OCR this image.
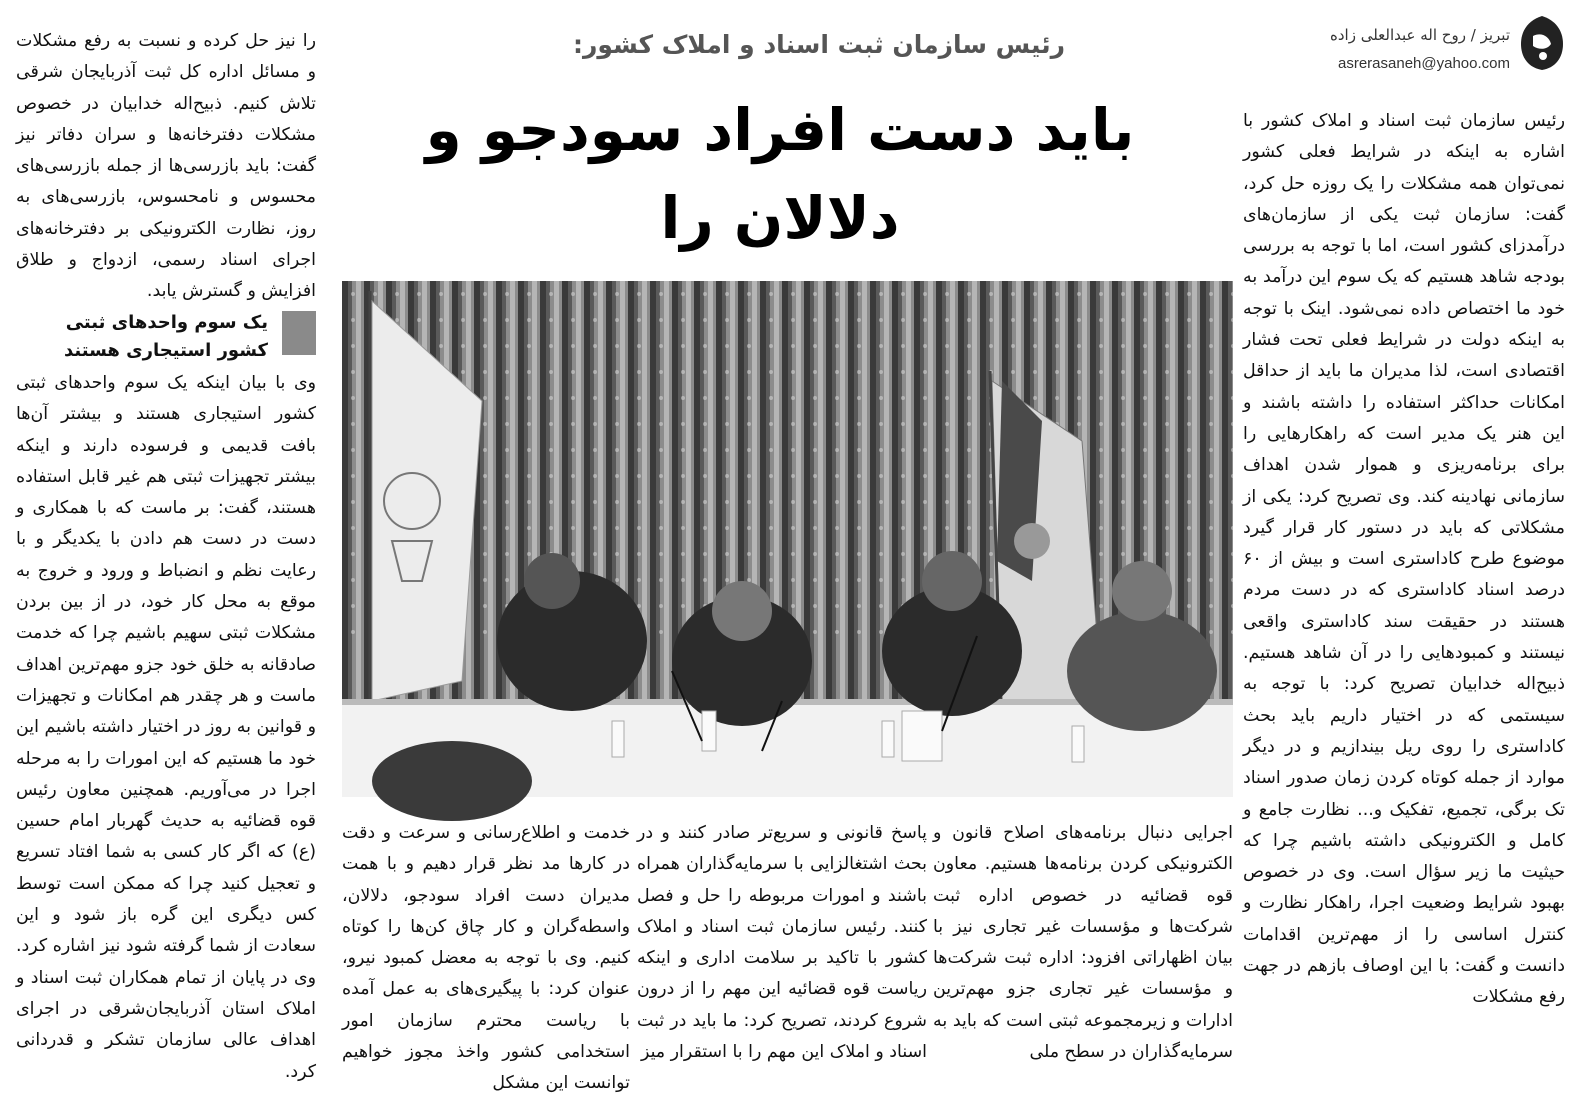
تبریز / روح اله عبدالعلی زاده
asrerasaneh@yahoo.com
رئیس سازمان ثبت اسناد و املاک کشور:
باید دست افراد سودجو و دلالان را

رئیس سازمان ثبت اسناد و املاک کشور با اشاره به اینکه در شرایط فعلی کشور نمی‌توان همه مشکلات را یک روزه حل کرد، گفت: سازمان ثبت یکی از سازمان‌های درآمدزای کشور است، اما با توجه به بررسی بودجه شاهد هستیم که یک سوم این درآمد به خود ما اختصاص داده نمی‌شود. اینک با توجه به اینکه دولت در شرایط فعلی تحت فشار اقتصادی است، لذا مدیران ما باید از حداقل امکانات حداکثر استفاده را داشته باشند و این هنر یک مدیر است که راهکارهایی را برای برنامه‌ریزی و هموار شدن اهداف سازمانی نهادینه کند. وی تصریح کرد: یکی از مشکلاتی که باید در دستور کار قرار گیرد موضوع طرح کاداستری است و بیش از ۶۰ درصد اسناد کاداستری که در دست مردم هستند در حقیقت سند کاداستری واقعی نیستند و کمبودهایی را در آن شاهد هستیم. ذبیح‌اله خدابیان تصریح کرد: با توجه به سیستمی که در اختیار داریم باید بحث کاداستری را روی ریل بیندازیم و در دیگر موارد از جمله کوتاه کردن زمان صدور اسناد تک برگی، تجمیع، تفکیک و... نظارت جامع و کامل و الکترونیکی داشته باشیم چرا که حیثیت ما زیر سؤال است. وی در خصوص بهبود شرایط وضعیت اجرا، راهکار نظارت و کنترل اساسی را از مهم‌ترین اقدامات دانست و گفت: با این اوصاف بازهم در جهت رفع مشکلات
اجرایی دنبال برنامه‌های اصلاح قانون و الکترونیکی کردن برنامه‌ها هستیم. معاون قوه قضائیه در خصوص اداره ثبت شرکت‌ها و مؤسسات غیر تجاری نیز با بیان اظهاراتی افزود: اداره ثبت شرکت‌ها و مؤسسات غیر تجاری جزو مهم‌ترین ادارات و زیرمجموعه ثبتی است که باید به سرمایه‌گذاران در سطح ملی
پاسخ قانونی و سریع‌تر صادر کنند و در بحث اشتغالزایی با سرمایه‌گذاران همراه باشند و امورات مربوطه را حل و فصل کنند. رئیس سازمان ثبت اسناد و املاک کشور با تاکید بر سلامت اداری و اینکه ریاست قوه قضائیه این مهم را از درون شروع کردند، تصریح کرد: ما باید در ثبت اسناد و املاک این مهم را با استقرار میز
خدمت و اطلاع‌رسانی و سرعت و دقت در کارها مد نظر قرار دهیم و با همت مدیران دست افراد سودجو، دلالان، واسطه‌گران و کار چاق کن‌ها را کوتاه کنیم. وی با توجه به معضل کمبود نیرو، عنوان کرد: با پیگیری‌های به عمل آمده با ریاست محترم سازمان امور استخدامی کشور واخذ مجوز خواهیم توانست این مشکل
را نیز حل کرده و نسبت به رفع مشکلات و مسائل اداره کل ثبت آذربایجان شرقی تلاش کنیم. ذبیح‌اله خدابیان در خصوص مشکلات دفترخانه‌ها و سران دفاتر نیز گفت: باید بازرسی‌ها از جمله بازرسی‌های محسوس و نامحسوس، بازرسی‌های به روز، نظارت الکترونیکی بر دفترخانه‌های اجرای اسناد رسمی، ازدواج و طلاق افزایش و گسترش یابد.
یک سوم واحدهای ثبتی
کشور استیجاری هستند
وی با بیان اینکه یک سوم واحدهای ثبتی کشور استیجاری هستند و بیشتر آن‌ها بافت قدیمی و فرسوده دارند و اینکه بیشتر تجهیزات ثبتی هم غیر قابل استفاده هستند، گفت: بر ماست که با همکاری و دست در دست هم دادن با یکدیگر و با رعایت نظم و انضباط و ورود و خروج به موقع به محل کار خود، در از بین بردن مشکلات ثبتی سهیم باشیم چرا که خدمت صادقانه به خلق خود جزو مهم‌ترین اهداف ماست و هر چقدر هم امکانات و تجهیزات و قوانین به روز در اختیار داشته باشیم این خود ما هستیم که این امورات را به مرحله اجرا در می‌آوریم. همچنین معاون رئیس قوه قضائیه به حدیث گهربار امام حسین (ع) که اگر کار کسی به شما افتاد تسریع و تعجیل کنید چرا که ممکن است توسط کس دیگری این گره باز شود و این سعادت از شما گرفته شود نیز اشاره کرد. وی در پایان از تمام همکاران ثبت اسناد و املاک استان آذربایجان‌شرقی در اجرای اهداف عالی سازمان تشکر و قدردانی کرد.
